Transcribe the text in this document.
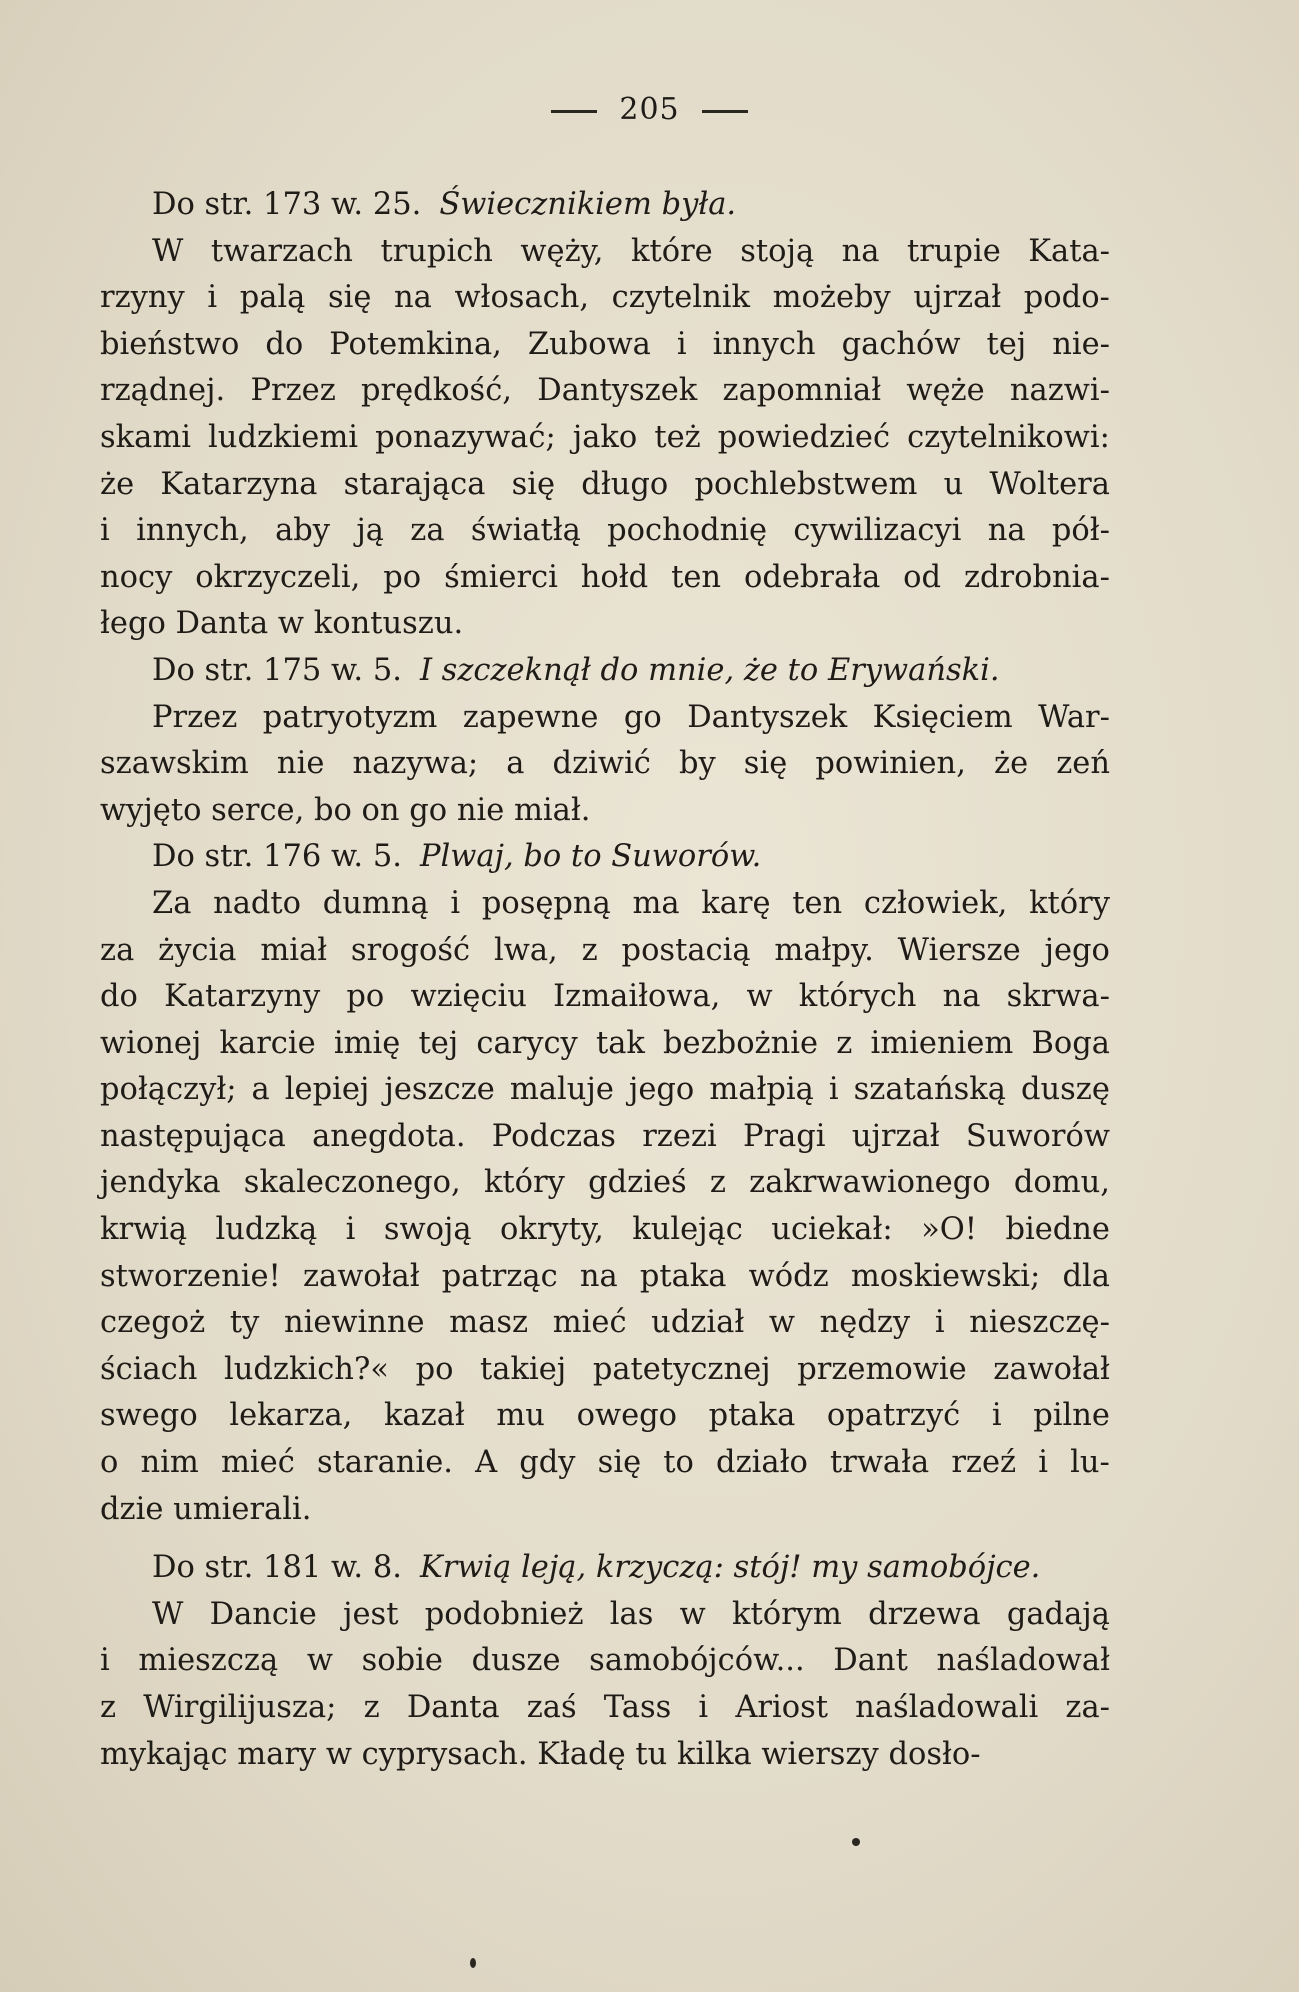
205
Do str. 173 w. 25. Świecznikiem była.
W twarzach trupich węży, które stoją na trupie Kata-
rzyny i palą się na włosach, czytelnik możeby ujrzał podo-
bieństwo do Potemkina, Zubowa i innych gachów tej nie-
rządnej. Przez prędkość, Dantyszek zapomniał węże nazwi-
skami ludzkiemi ponazywać; jako też powiedzieć czytelnikowi:
że Katarzyna starająca się długo pochlebstwem u Woltera
i innych, aby ją za światłą pochodnię cywilizacyi na pół-
nocy okrzyczeli, po śmierci hołd ten odebrała od zdrobnia-
łego Danta w kontuszu.
Do str. 175 w. 5. I szczeknął do mnie, że to Erywański.
Przez patryotyzm zapewne go Dantyszek Księciem War-
szawskim nie nazywa; a dziwić by się powinien, że zeń
wyjęto serce, bo on go nie miał.
Do str. 176 w. 5. Plwaj, bo to Suworów.
Za nadto dumną i posępną ma karę ten człowiek, który
za życia miał srogość lwa, z postacią małpy. Wiersze jego
do Katarzyny po wzięciu Izmaiłowa, w których na skrwa-
wionej karcie imię tej carycy tak bezbożnie z imieniem Boga
połączył; a lepiej jeszcze maluje jego małpią i szatańską duszę
następująca anegdota. Podczas rzezi Pragi ujrzał Suworów
jendyka skaleczonego, który gdzieś z zakrwawionego domu,
krwią ludzką i swoją okryty, kulejąc uciekał: »O! biedne
stworzenie! zawołał patrząc na ptaka wódz moskiewski; dla
czegoż ty niewinne masz mieć udział w nędzy i nieszczę-
ściach ludzkich?« po takiej patetycznej przemowie zawołał
swego lekarza, kazał mu owego ptaka opatrzyć i pilne
o nim mieć staranie. A gdy się to działo trwała rzeź i lu-
dzie umierali.
Do str. 181 w. 8. Krwią leją, krzyczą: stój! my samobójce.
W Dancie jest podobnież las w którym drzewa gadają
i mieszczą w sobie dusze samobójców... Dant naśladował
z Wirgilijusza; z Danta zaś Tass i Ariost naśladowali za-
mykając mary w cyprysach. Kładę tu kilka wierszy dosło-
